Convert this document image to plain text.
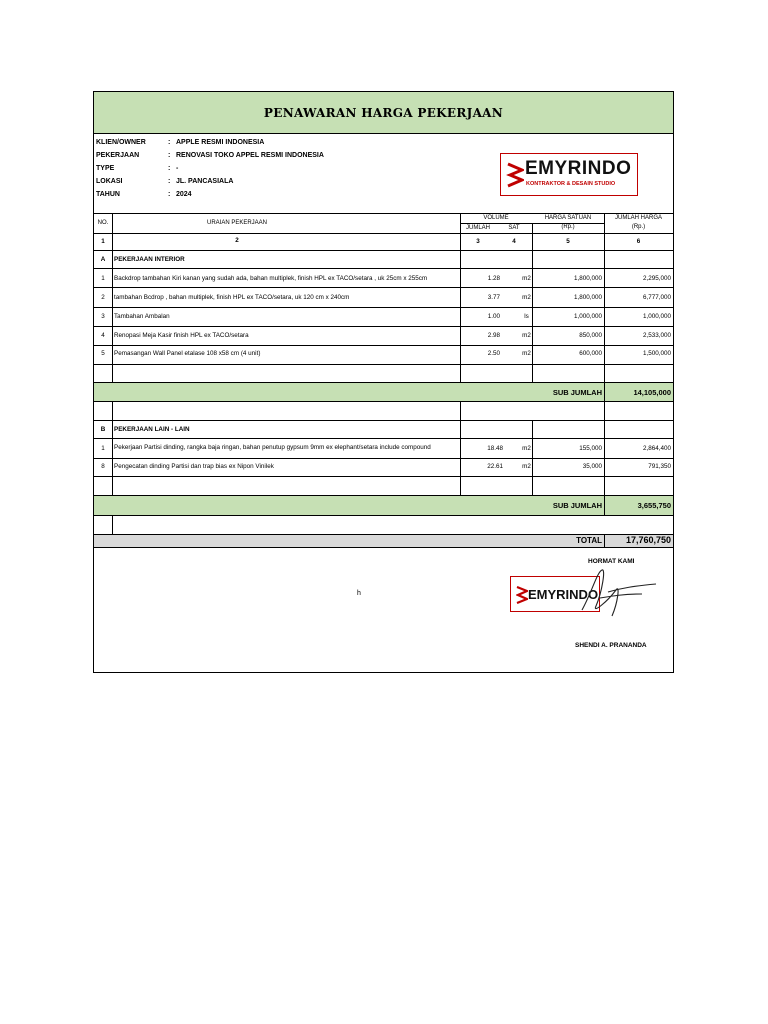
PENAWARAN HARGA PEKERJAAN
KLIEN/OWNER	: APPLE RESMI INDONESIA
PEKERJAAN	: RENOVASI TOKO APPEL RESMI INDONESIA
TYPE	: -
LOKASI	: JL. PANCASIALA
TAHUN	: 2024
EMYRINDO
KONTRAKTOR & DESAIN STUDIO
NO.	URAIAN PEKERJAAN
VOLUME
JUMLAH	SAT
HARGA SATUAN
(Rp.)
JUMLAH HARGA
(Rp.)
1	2	3	4	5	6
A	PEKERJAAN INTERIOR
1	Backdrop tambahan Kiri kanan yang sudah ada, bahan multiplek, finish HPL ex TACO/setara , uk 25cm x 255cm	1.28	m2	1,800,000	2,295,000
2	tambahan Bcdrop , bahan multiplek, finish HPL ex TACO/setara, uk 120 cm x 240cm	3.77	m2	1,800,000	6,777,000
3	Tambahan Ambalan	1.00	ls	1,000,000	1,000,000
4	Renopasi Meja Kasir finish HPL ex TACO/setara	2.98	m2	850,000	2,533,000
5	Pemasangan Wall Panel etalase 108 x58 cm (4 unit)	2.50	m2	600,000	1,500,000
SUB JUMLAH	14,105,000
B	PEKERJAAN LAIN - LAIN
1	Pekerjaan Partisi dinding, rangka baja ringan, bahan penutup gypsum 9mm ex elephant/setara include compound	18.48	m2	155,000	2,864,400
8	Pengecatan dinding Partisi dan trap bias ex Nipon Vinilek	22.61	m2	35,000	791,350
SUB JUMLAH	3,655,750
TOTAL	17,760,750
HORMAT KAMI
h	EMYRINDO
SHENDI A. PRANANDA
